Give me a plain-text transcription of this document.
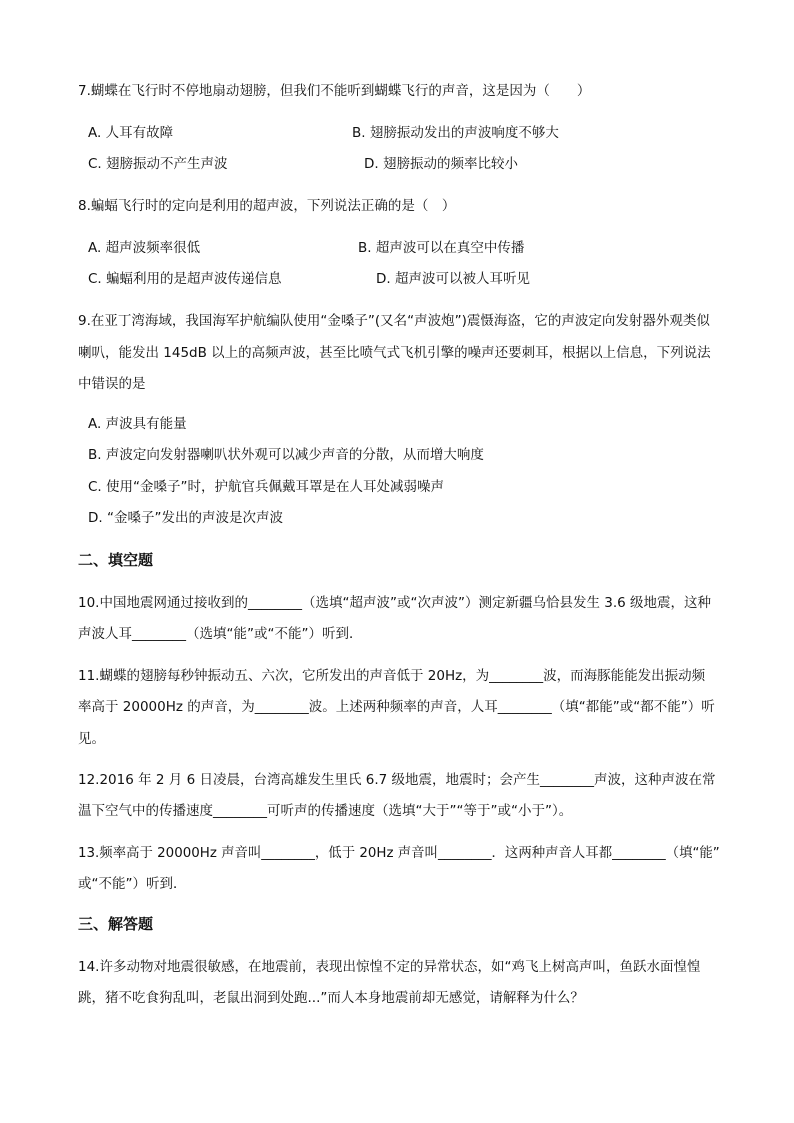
7.蝴蝶在飞行时不停地扇动翅膀，但我们不能听到蝴蝶飞行的声音，这是因为（　　）
A. 人耳有故障	B. 翅膀振动发出的声波响度不够大
C. 翅膀振动不产生声波	D. 翅膀振动的频率比较小
8.蝙蝠飞行时的定向是利用的超声波，下列说法正确的是（　）
A. 超声波频率很低	B. 超声波可以在真空中传播
C. 蝙蝠利用的是超声波传递信息	D. 超声波可以被人耳听见
9.在亚丁湾海域，我国海军护航编队使用“金嗓子”(又名“声波炮”)震慑海盗，它的声波定向发射器外观类似
喇叭，能发出 145dB 以上的高频声波，甚至比喷气式飞机引擎的噪声还要刺耳，根据以上信息，下列说法
中错误的是
A. 声波具有能量
B. 声波定向发射器喇叭状外观可以减少声音的分散，从而增大响度
C. 使用“金嗓子”时，护航官兵佩戴耳罩是在人耳处减弱噪声
D. “金嗓子”发出的声波是次声波
二、填空题
10.中国地震网通过接收到的________（选填“超声波”或“次声波”）测定新疆乌恰县发生 3.6 级地震，这种
声波人耳________（选填“能”或“不能”）听到．
11.蝴蝶的翅膀每秒钟振动五、六次，它所发出的声音低于 20Hz，为________波，而海豚能能发出振动频
率高于 20000Hz 的声音，为________波。上述两种频率的声音，人耳________（填“都能”或“都不能”）听
见。
12.2016 年 2 月 6 日凌晨，台湾高雄发生里氏 6.7 级地震，地震时；会产生________声波，这种声波在常
温下空气中的传播速度________可听声的传播速度（选填“大于”“等于”或“小于”）。
13.频率高于 20000Hz 声音叫________，低于 20Hz 声音叫________．这两种声音人耳都________（填“能”
或“不能”）听到．
三、解答题
14.许多动物对地震很敏感，在地震前，表现出惊惶不定的异常状态，如“鸡飞上树高声叫，鱼跃水面惶惶
跳，猪不吃食狗乱叫，老鼠出洞到处跑...”而人本身地震前却无感觉，请解释为什么？
